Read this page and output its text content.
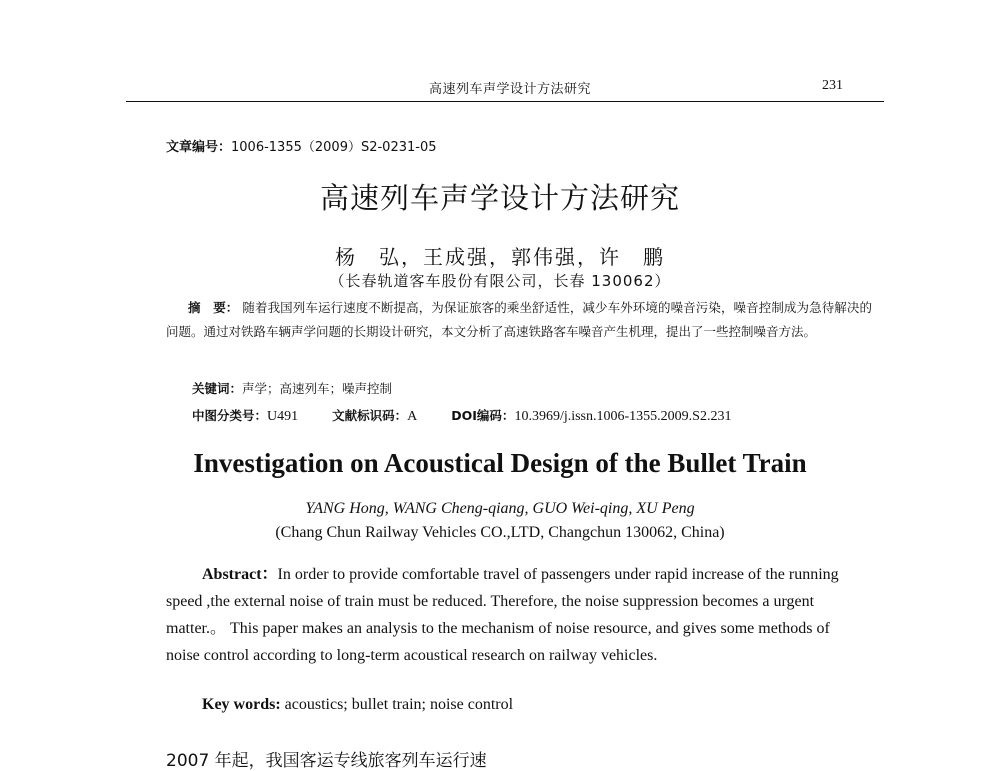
高速列车声学设计方法研究	231
文章编号：1006-1355（2009）S2-0231-05
高速列车声学设计方法研究
杨　弘，王成强，郭伟强，许　鹏
（长春轨道客车股份有限公司，长春 130062）
摘　要： 随着我国列车运行速度不断提高，为保证旅客的乘坐舒适性，减少车外环境的噪音污染，噪音控制成为急待解决的问题。通过对铁路车辆声学问题的长期设计研究，本文分析了高速铁路客车噪音产生机理，提出了一些控制噪音方法。
关键词：声学；高速列车；噪声控制
中图分类号：U491	文献标识码：A	DOI编码：10.3969/j.issn.1006-1355.2009.S2.231
Investigation on Acoustical Design of the Bullet Train
YANG Hong, WANG Cheng-qiang, GUO Wei-qing, XU Peng
(Chang Chun Railway Vehicles CO.,LTD, Changchun 130062, China)
Abstract：In order to provide comfortable travel of passengers under rapid increase of the running speed ,the external noise of train must be reduced. Therefore, the noise suppression becomes a urgent matter.。 This paper makes an analysis to the mechanism of noise resource, and gives some methods of noise control according to long-term acoustical research on railway vehicles.
Key words: acoustics; bullet train; noise control
2007 年起，我国客运专线旅客列车运行速
